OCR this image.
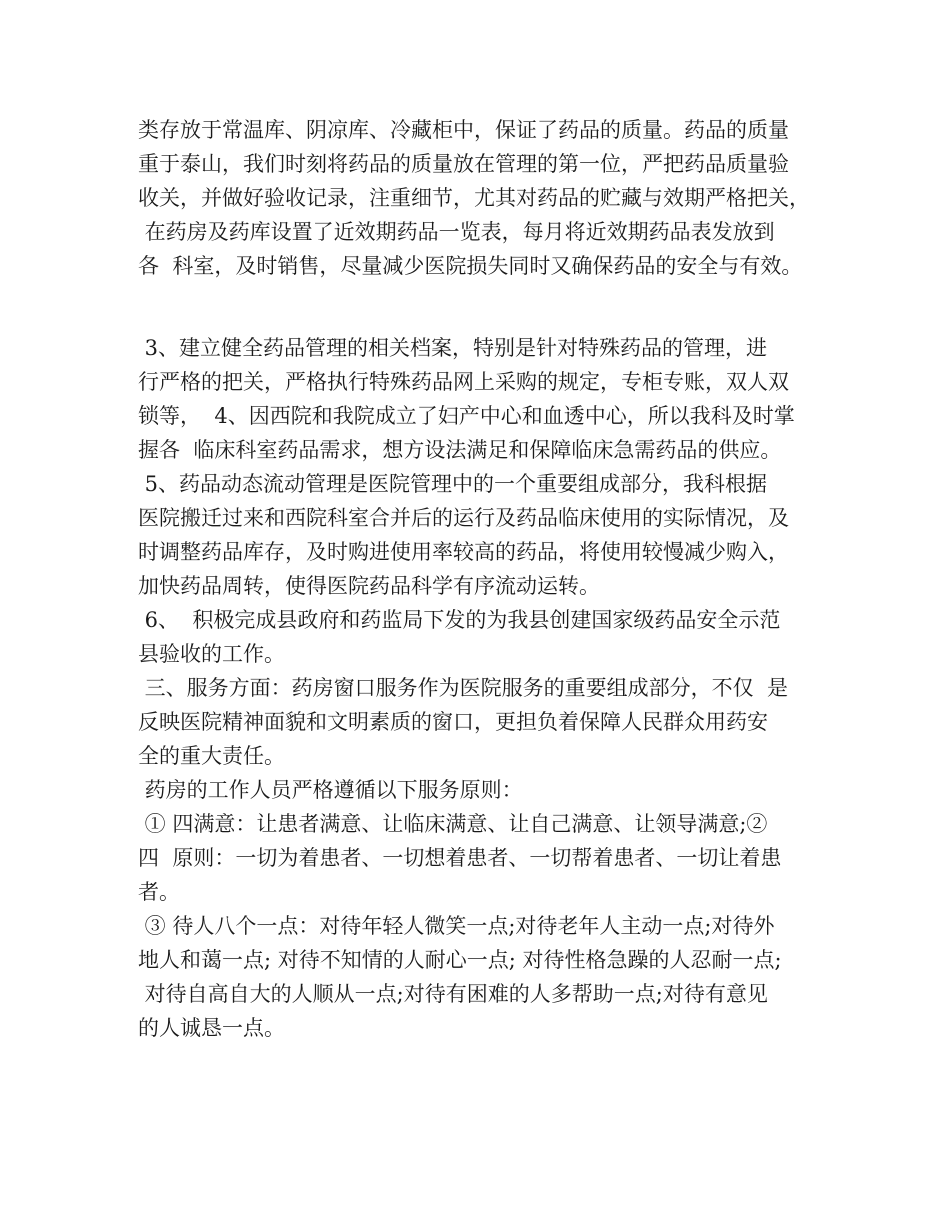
类存放于常温库、阴凉库、冷藏柜中，保证了药品的质量。药品的质量
重于泰山，我们时刻将药品的质量放在管理的第一位，严把药品质量验
收关，并做好验收记录，注重细节，尤其对药品的贮藏与效期严格把关，
在药房及药库设置了近效期药品一览表，每月将近效期药品表发放到
各  科室，及时销售，尽量减少医院损失同时又确保药品的安全与有效。
3、建立健全药品管理的相关档案，特别是针对特殊药品的管理，进
行严格的把关，严格执行特殊药品网上采购的规定，专柜专账，双人双
锁等，  4、因西院和我院成立了妇产中心和血透中心，所以我科及时掌
握各  临床科室药品需求，想方设法满足和保障临床急需药品的供应。
5、药品动态流动管理是医院管理中的一个重要组成部分，我科根据
医院搬迁过来和西院科室合并后的运行及药品临床使用的实际情况，及
时调整药品库存，及时购进使用率较高的药品，将使用较慢减少购入，
加快药品周转，使得医院药品科学有序流动运转。
6、  积极完成县政府和药监局下发的为我县创建国家级药品安全示范
县验收的工作。
三、服务方面：药房窗口服务作为医院服务的重要组成部分，不仅  是
反映医院精神面貌和文明素质的窗口，更担负着保障人民群众用药安
全的重大责任。
药房的工作人员严格遵循以下服务原则：
① 四满意：让患者满意、让临床满意、让自己满意、让领导满意;②
四  原则：一切为着患者、一切想着患者、一切帮着患者、一切让着患
者。
③ 待人八个一点：对待年轻人微笑一点;对待老年人主动一点;对待外
地人和蔼一点; 对待不知情的人耐心一点; 对待性格急躁的人忍耐一点;
对待自高自大的人顺从一点;对待有困难的人多帮助一点;对待有意见
的人诚恳一点。
